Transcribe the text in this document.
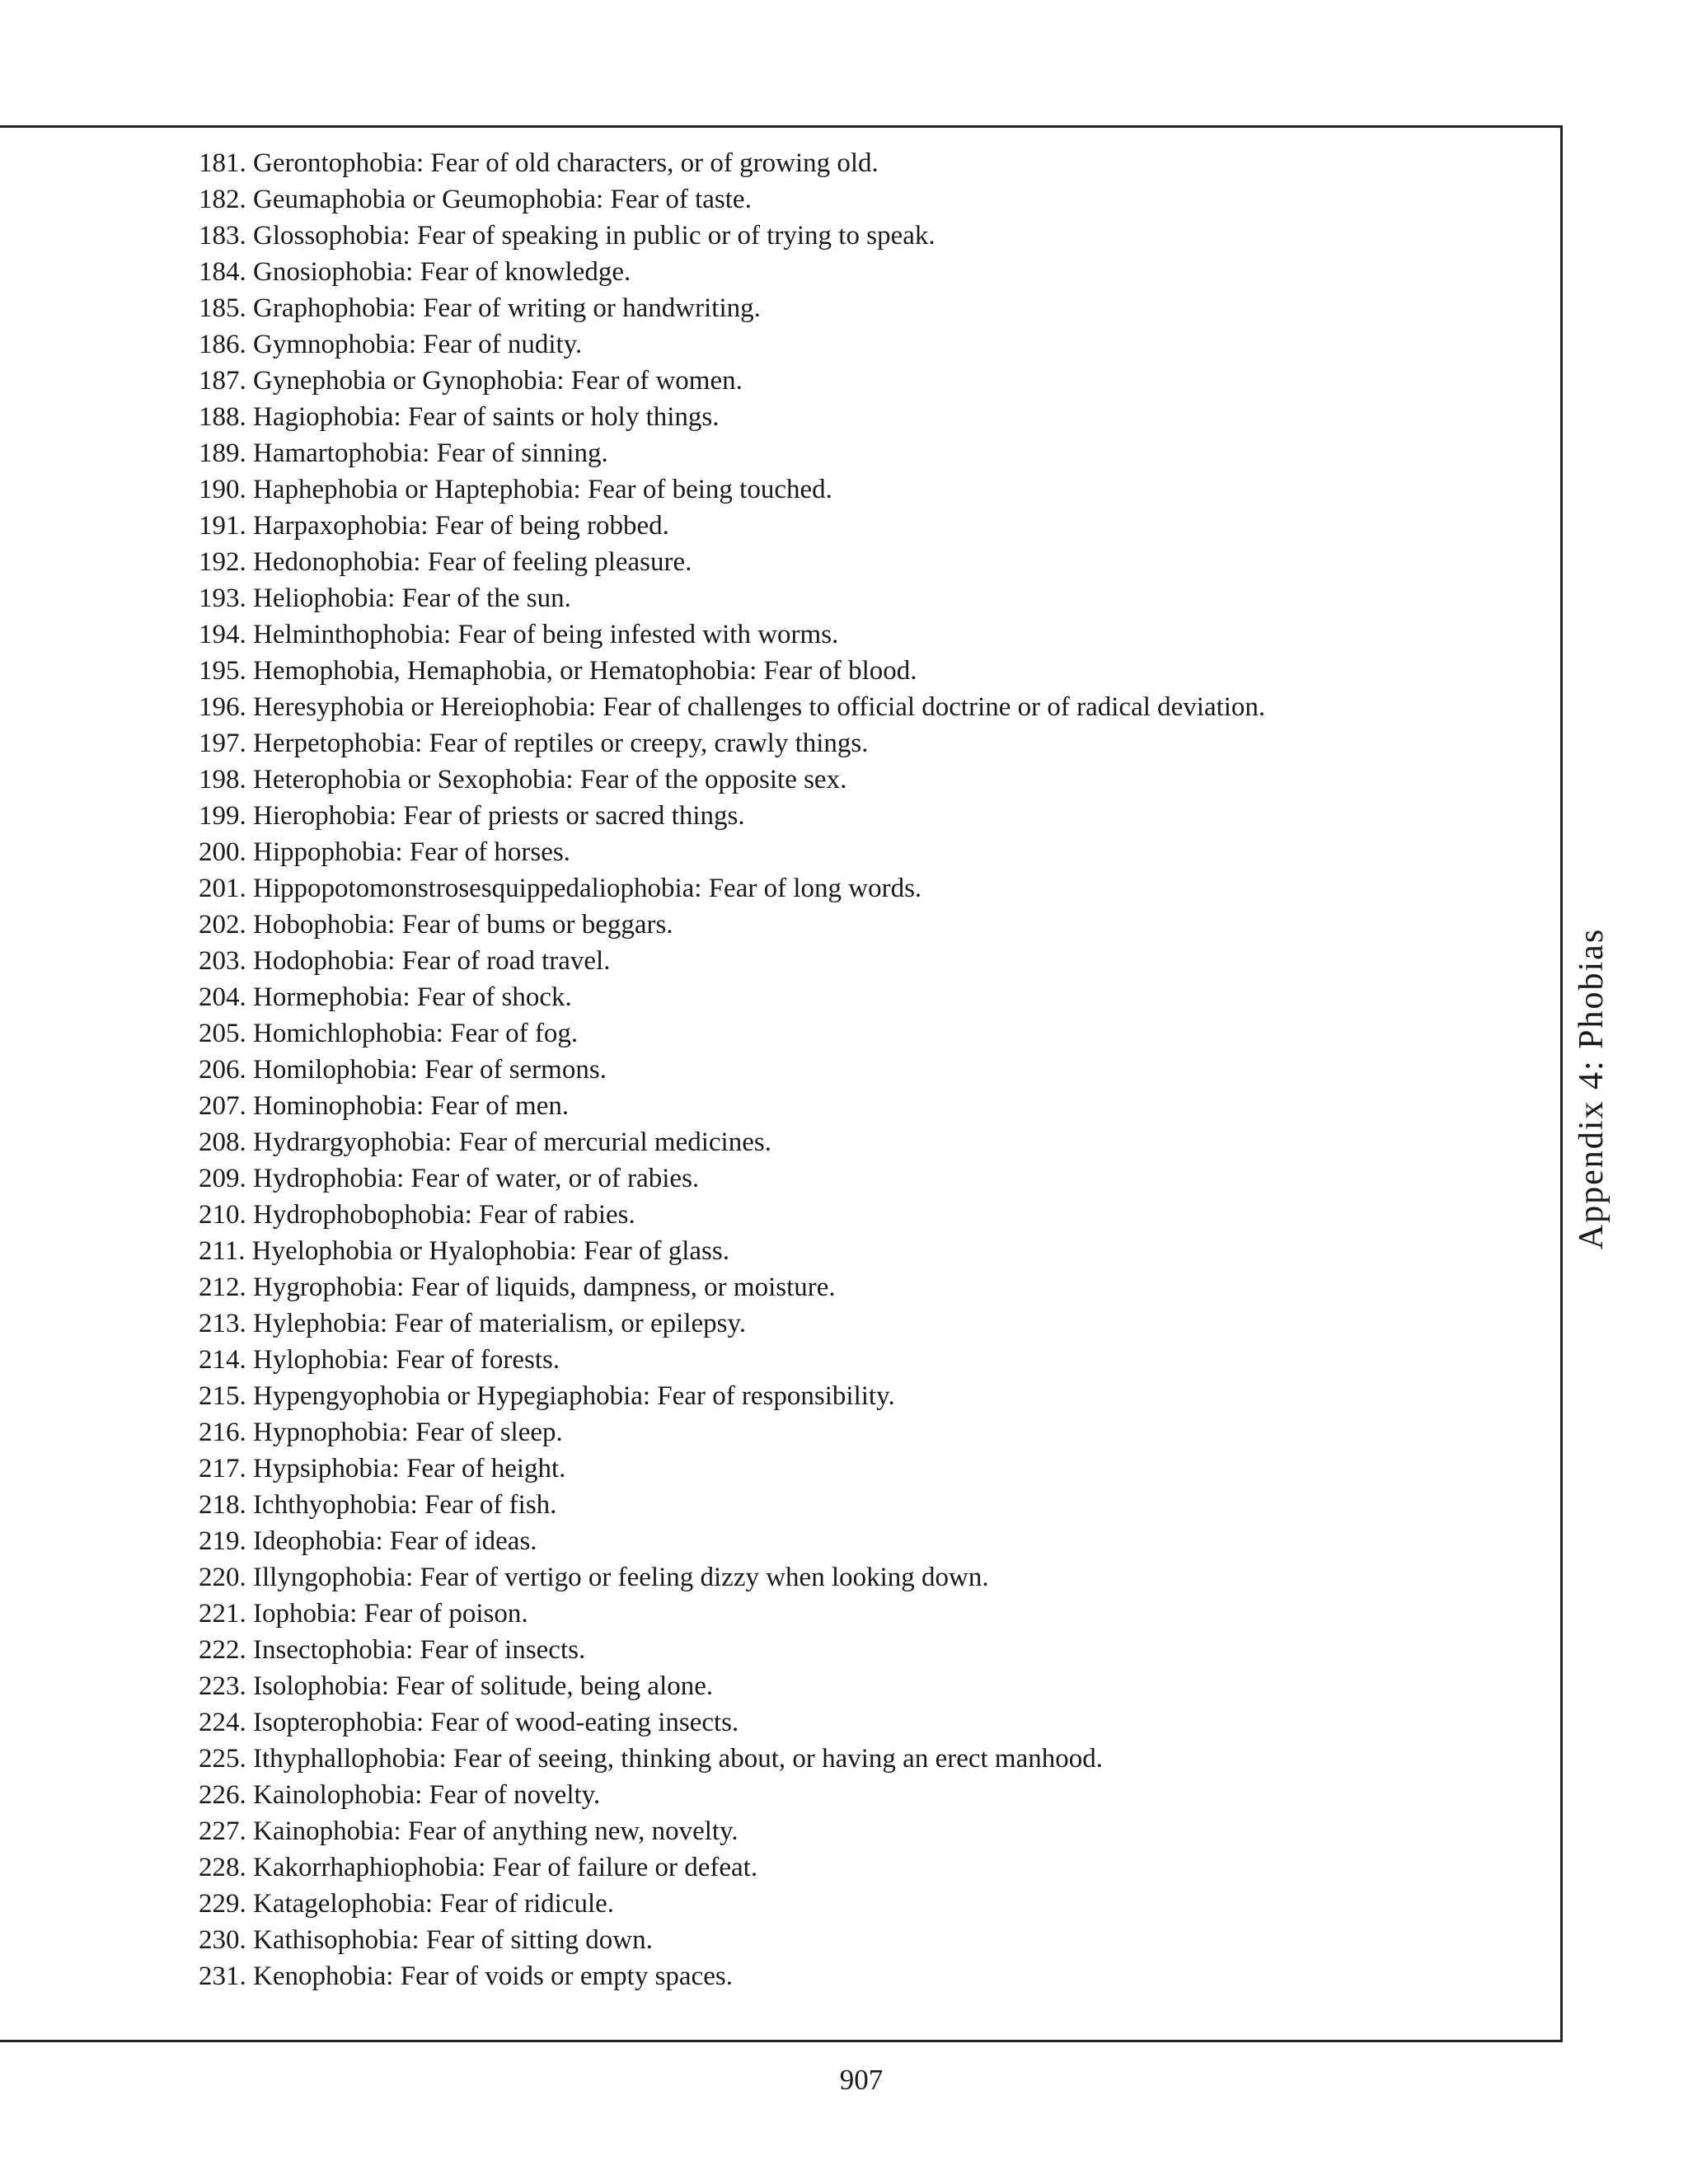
181. Gerontophobia: Fear of old characters, or of growing old.
182. Geumaphobia or Geumophobia: Fear of taste.
183. Glossophobia: Fear of speaking in public or of trying to speak.
184. Gnosiophobia: Fear of knowledge.
185. Graphophobia: Fear of writing or handwriting.
186. Gymnophobia: Fear of nudity.
187. Gynephobia or Gynophobia: Fear of women.
188. Hagiophobia: Fear of saints or holy things.
189. Hamartophobia: Fear of sinning.
190. Haphephobia or Haptephobia: Fear of being touched.
191. Harpaxophobia: Fear of being robbed.
192. Hedonophobia: Fear of feeling pleasure.
193. Heliophobia: Fear of the sun.
194. Helminthophobia: Fear of being infested with worms.
195. Hemophobia, Hemaphobia, or Hematophobia: Fear of blood.
196. Heresyphobia or Hereiophobia: Fear of challenges to official doctrine or of radical deviation.
197. Herpetophobia: Fear of reptiles or creepy, crawly things.
198. Heterophobia or Sexophobia: Fear of the opposite sex.
199. Hierophobia: Fear of priests or sacred things.
200. Hippophobia: Fear of horses.
201. Hippopotomonstrosesquippedaliophobia: Fear of long words.
202. Hobophobia: Fear of bums or beggars.
203. Hodophobia: Fear of road travel.
204. Hormephobia: Fear of shock.
205. Homichlophobia: Fear of fog.
206. Homilophobia: Fear of sermons.
207. Hominophobia: Fear of men.
208. Hydrargyophobia: Fear of mercurial medicines.
209. Hydrophobia: Fear of water, or of rabies.
210. Hydrophobophobia: Fear of rabies.
211. Hyelophobia or Hyalophobia: Fear of glass.
212. Hygrophobia: Fear of liquids, dampness, or moisture.
213. Hylephobia: Fear of materialism, or epilepsy.
214. Hylophobia: Fear of forests.
215. Hypengyophobia or Hypegiaphobia: Fear of responsibility.
216. Hypnophobia: Fear of sleep.
217. Hypsiphobia: Fear of height.
218. Ichthyophobia: Fear of fish.
219. Ideophobia: Fear of ideas.
220. Illyngophobia: Fear of vertigo or feeling dizzy when looking down.
221. Iophobia: Fear of poison.
222. Insectophobia: Fear of insects.
223. Isolophobia: Fear of solitude, being alone.
224. Isopterophobia: Fear of wood-eating insects.
225. Ithyphallophobia: Fear of seeing, thinking about, or having an erect manhood.
226. Kainolophobia: Fear of novelty.
227. Kainophobia: Fear of anything new, novelty.
228. Kakorrhaphiophobia: Fear of failure or defeat.
229. Katagelophobia: Fear of ridicule.
230. Kathisophobia: Fear of sitting down.
231. Kenophobia: Fear of voids or empty spaces.
Appendix 4: Phobias
907
